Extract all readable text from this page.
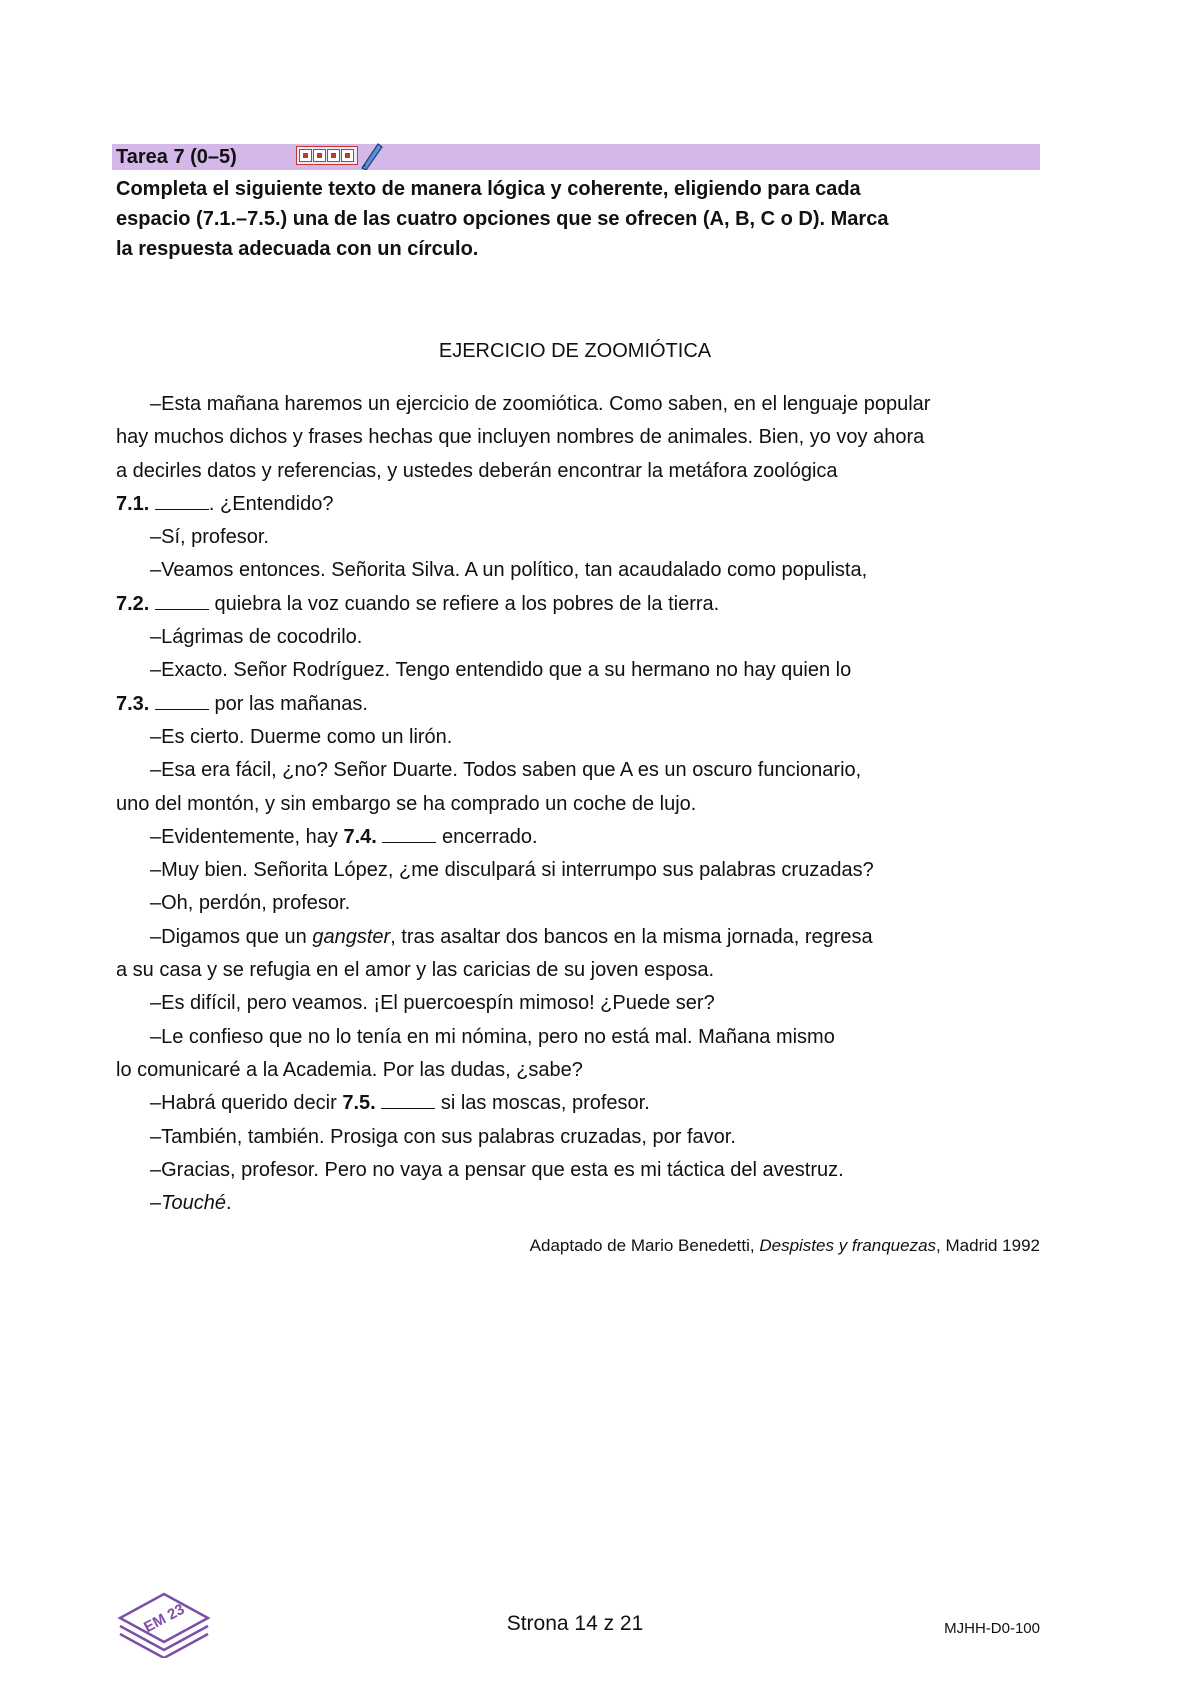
Tarea 7 (0–5)
Completa el siguiente texto de manera lógica y coherente, eligiendo para cada
espacio (7.1.–7.5.) una de las cuatro opciones que se ofrecen (A, B, C o D). Marca
la respuesta adecuada con un círculo.
EJERCICIO DE ZOOMIÓTICA
–Esta mañana haremos un ejercicio de zoomiótica. Como saben, en el lenguaje popular
hay muchos dichos y frases hechas que incluyen nombres de animales. Bien, yo voy ahora
a decirles datos y referencias, y ustedes deberán encontrar la metáfora zoológica
7.1.	. ¿Entendido?
–Sí, profesor.
–Veamos entonces. Señorita Silva. A un político, tan acaudalado como populista,
7.2.	quiebra la voz cuando se refiere a los pobres de la tierra.
–Lágrimas de cocodrilo.
–Exacto. Señor Rodríguez. Tengo entendido que a su hermano no hay quien lo
7.3.	por las mañanas.
–Es cierto. Duerme como un lirón.
–Esa era fácil, ¿no? Señor Duarte. Todos saben que A es un oscuro funcionario,
uno del montón, y sin embargo se ha comprado un coche de lujo.
–Evidentemente, hay 7.4.	encerrado.
–Muy bien. Señorita López, ¿me disculpará si interrumpo sus palabras cruzadas?
–Oh, perdón, profesor.
–Digamos que un gangster, tras asaltar dos bancos en la misma jornada, regresa
a su casa y se refugia en el amor y las caricias de su joven esposa.
–Es difícil, pero veamos. ¡El puercoespín mimoso! ¿Puede ser?
–Le confieso que no lo tenía en mi nómina, pero no está mal. Mañana mismo
lo comunicaré a la Academia. Por las dudas, ¿sabe?
–Habrá querido decir 7.5.	si las moscas, profesor.
–También, también. Prosiga con sus palabras cruzadas, por favor.
–Gracias, profesor. Pero no vaya a pensar que esta es mi táctica del avestruz.
–Touché.
Adaptado de Mario Benedetti, Despistes y franquezas, Madrid 1992
EM 23	Strona 14 z 21	MJHH-D0-100
